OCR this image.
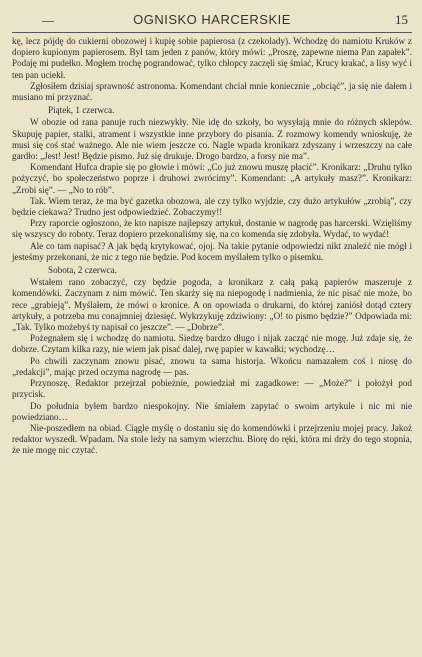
OGNISKO HARCERSKIE	15

kę, lecz pójdę do cukierni obozowej i kupię sobie papierosa (z czekolady). Wchodzę do namiotu Kruków z dopiero kupionym papierosem. Był tam jeden z panów, który mówi: „Proszę, zapewne niema Pan zapałek”. Podaję mi pudełko. Mogłem trochę pograndować, tylko chłopcy zaczęli się śmiać, Krucy krakać, a lisy wyć i ten pan uciekł.

Zgłosiłem dzisiaj sprawność astronoma. Komendant chciał mnie koniecznie „obciąć”, ja się nie dałem i musiano mi przyznać.

Piątek, 1 czerwca.

W obozie od rana panuje ruch niezwykły. Nie idę do szkoły, bo wysyłają mnie do różnych sklepów. Skupuję papier, stalki, atrament i wszystkie inne przybory do pisania. Z rozmowy komendy wnioskuję, że musi się coś stać ważnego. Ale nie wiem jeszcze co. Nagle wpada kronikarz zdyszany i wrzeszczy na całe gardło: „Jest! Jest! Będzie pismo. Już się drukuje. Drogo bardzo, a forsy nie ma”.

Komendant Hufca drapie się po głowie i mówi: „Co już znowu muszę płacić”. Kronikarz: „Druhu tylko pożyczyć, bo społeczeństwo poprze i druhowi zwrócimy”. Komendant: „A artykuły masz?”. Kronikarz: „Zrobi się”. — „No to rób”.

Tak. Wiem teraz, że ma być gazetka obozowa, ale czy tylko wyjdzie, czy dużo artykułów „zrobią”, czy będzie ciekawa? Trudno jest odpowiedzieć. Zobaczymy!!

Przy raporcie ogłoszono, że kto napisze najlepszy artykuł, dostanie w nagrodę pas harcerski. Wzięliśmy się wszyscy do roboty. Teraz dopiero przekonaliśmy się, na co komenda się zdobyła. Wydać, to wydać!

Ale co tam napisać? A jak będą krytykować, ojoj. Na takie pytanie odpowiedzi nikt znaleźć nie mógł i jesteśmy przekonani, że nic z tego nie będzie. Pod kocem myślałem tylko o pisemku.

Sobota, 2 czerwca.

Wstałem rano zobaczyć, czy będzie pogoda, a kronikarz z całą paką papierów maszeruje z komendówki. Zaczynam z nim mówić. Ten skarży się na niepogodę i nadmienia, że nic pisać nie może, bo rece „grabieją”. Myślałem, że mówi o kronice. A on opowiada o drukarni, do której zaniósł dotąd cztery artykuły, a potrzeba mu conajmniej dziesięć. Wykrzykuję zdziwiony: „O! to pismo będzie?” Odpowiada mi: „Tak. Tylko możebyś ty napisał co jeszcze”. — „Dobrze”.

Pożegnałem się i wchodzę do namiotu. Siedzę bardzo długo i nijak zacząć nie mogę. Już zdaje się, że dobrze. Czytam kilka razy, nie wiem jak pisać dalej, rwę papier w kawałki; wychodzę…

Po chwili zaczynam znowu pisać, znowu ta sama historja. Wkońcu namazałem coś i niosę do „redakcji”, mając przed oczyma nagrodę — pas.

Przynoszę. Redaktor przejrzał pobieżnie, powiedział mi zagadkowe: — „Może?” i położył pod przycisk.

Do południa byłem bardzo niespokojny. Nie śmiałem zapytać o swoim artykule i nic mi nie powiedziano…

Nie-poszedłem na obiad. Ciągle myślę o dostaniu się do komendówki i przejrzeniu mojej pracy. Jakoż redaktor wyszedł. Wpadam. Na stole leży na samym wierzchu. Biorę do ręki, która mi drży do tego stopnia, że nie mogę nic czytać.
